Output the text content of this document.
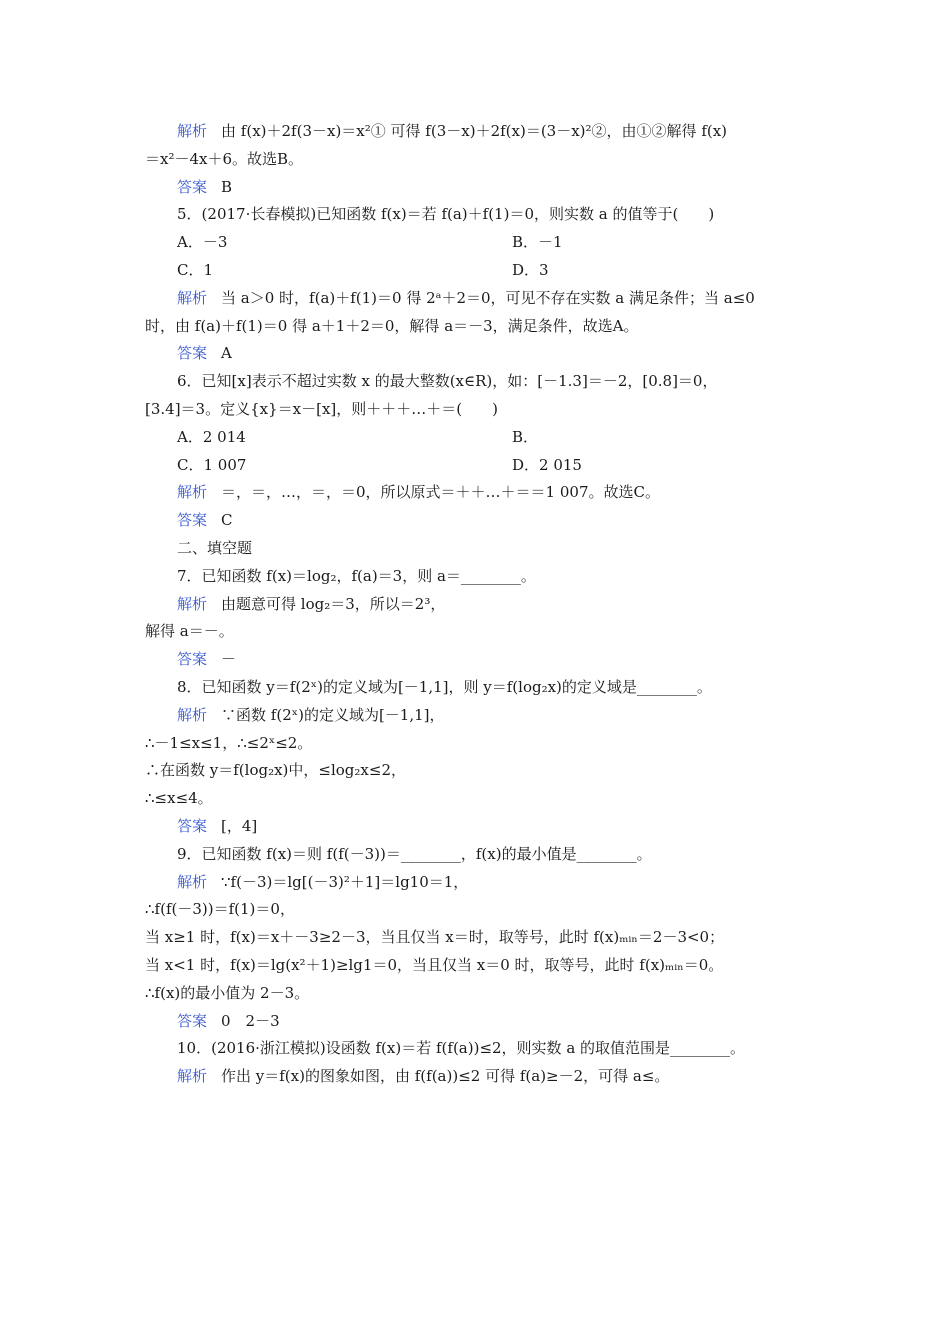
解析 由 f(x)＋2f(3－x)＝x²① 可得 f(3－x)＋2f(x)＝(3－x)²②，由①②解得 f(x)
＝x²－4x＋6。故选B。
答案 B
5．(2017·长春模拟)已知函数 f(x)＝若 f(a)＋f(1)＝0，则实数 a 的值等于(　　)
A．－3	B．－1
C．1	D．3
解析 当 a＞0 时，f(a)＋f(1)＝0 得 2ᵃ＋2＝0，可见不存在实数 a 满足条件；当 a≤0
时，由 f(a)＋f(1)＝0 得 a＋1＋2＝0，解得 a＝－3，满足条件，故选A。
答案 A
6．已知[x]表示不超过实数 x 的最大整数(x∈R)，如：[－1.3]＝－2，[0.8]＝0，
[3.4]＝3。定义{x}＝x－[x]，则＋＋＋…＋＝(　　)
A．2 014	B．
C．1 007	D．2 015
解析 ＝，＝，…，＝，＝0，所以原式＝＋＋…＋＝＝1 007。故选C。
答案 C
二、填空题
7．已知函数 f(x)＝log₂，f(a)＝3，则 a＝________。
解析 由题意可得 log₂＝3，所以＝2³，
解得 a＝－。
答案 －
8．已知函数 y＝f(2ˣ)的定义域为[－1,1]，则 y＝f(log₂x)的定义域是________。
解析 ∵函数 f(2ˣ)的定义域为[－1,1]，
∴－1≤x≤1，∴≤2ˣ≤2。
∴在函数 y＝f(log₂x)中，≤log₂x≤2，
∴≤x≤4。
答案 [，4]
9．已知函数 f(x)＝则 f(f(－3))＝________，f(x)的最小值是________。
解析 ∵f(－3)＝lg[(－3)²＋1]＝lg10＝1，
∴f(f(－3))＝f(1)＝0，
当 x≥1 时，f(x)＝x＋－3≥2－3，当且仅当 x＝时，取等号，此时 f(x)ₘᵢₙ＝2－3<0；
当 x<1 时，f(x)＝lg(x²＋1)≥lg1＝0，当且仅当 x＝0 时，取等号，此时 f(x)ₘᵢₙ＝0。
∴f(x)的最小值为 2－3。
答案 0　2－3
10．(2016·浙江模拟)设函数 f(x)＝若 f(f(a))≤2，则实数 a 的取值范围是________。
解析 作出 y＝f(x)的图象如图，由 f(f(a))≤2 可得 f(a)≥－2，可得 a≤。
